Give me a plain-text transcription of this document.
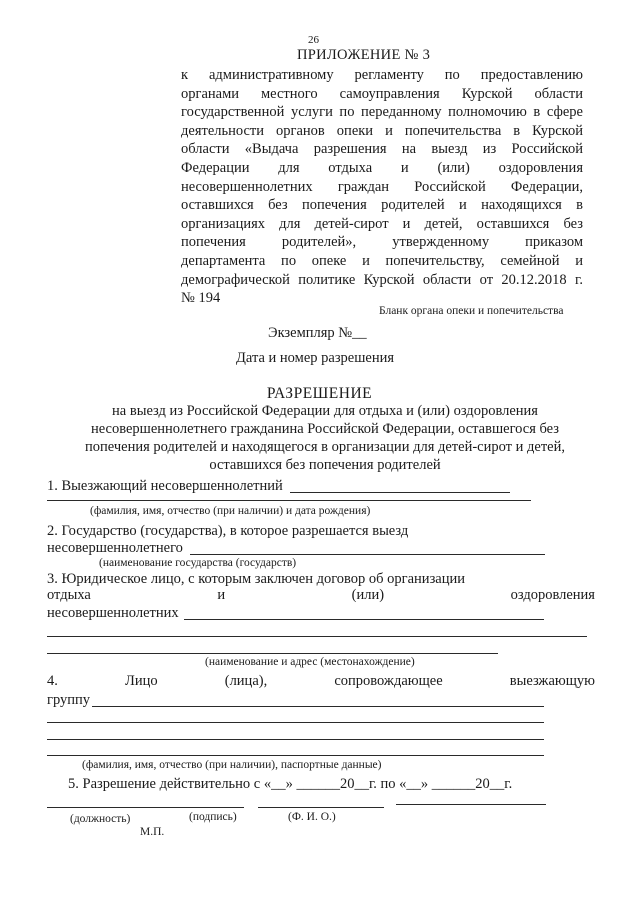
26
ПРИЛОЖЕНИЕ № 3
к административному регламенту по предоставлению
органами местного самоуправления Курской области
государственной услуги по переданному полномочию в сфере
деятельности органов опеки и попечительства в Курской
области «Выдача разрешения на выезд из Российской
Федерации для отдыха и (или) оздоровления
несовершеннолетних граждан Российской Федерации,
оставшихся без попечения родителей и находящихся в
организациях для детей-сирот и детей, оставшихся без
попечения родителей», утвержденному приказом
департамента по опеке и попечительству, семейной и
демографической политике Курской области от 20.12.2018 г.
№ 194
Бланк органа опеки и попечительства
Экземпляр №__
Дата и номер разрешения
РАЗРЕШЕНИЕ
на выезд из Российской Федерации для отдыха и (или) оздоровления
несовершеннолетнего гражданина Российской Федерации, оставшегося без
попечения родителей и находящегося в организации для детей-сирот и детей,
оставшихся без попечения родителей
1. Выезжающий несовершеннолетний
(фамилия, имя, отчество (при наличии) и дата рождения)
2. Государство (государства), в которое разрешается выезд
несовершеннолетнего
(наименование государства (государств)
3. Юридическое лицо, с которым заключен договор об организации
отдыха	и	(или)	оздоровления
несовершеннолетних
(наименование и адрес (местонахождение)
4.	Лицо	(лица),	сопровождающее	выезжающую
группу
(фамилия, имя, отчество (при наличии), паспортные данные)
5. Разрешение действительно с «__» ______20__г. по «__» ______20__г.
(должность)	(подпись)	(Ф. И. О.)
М.П.
